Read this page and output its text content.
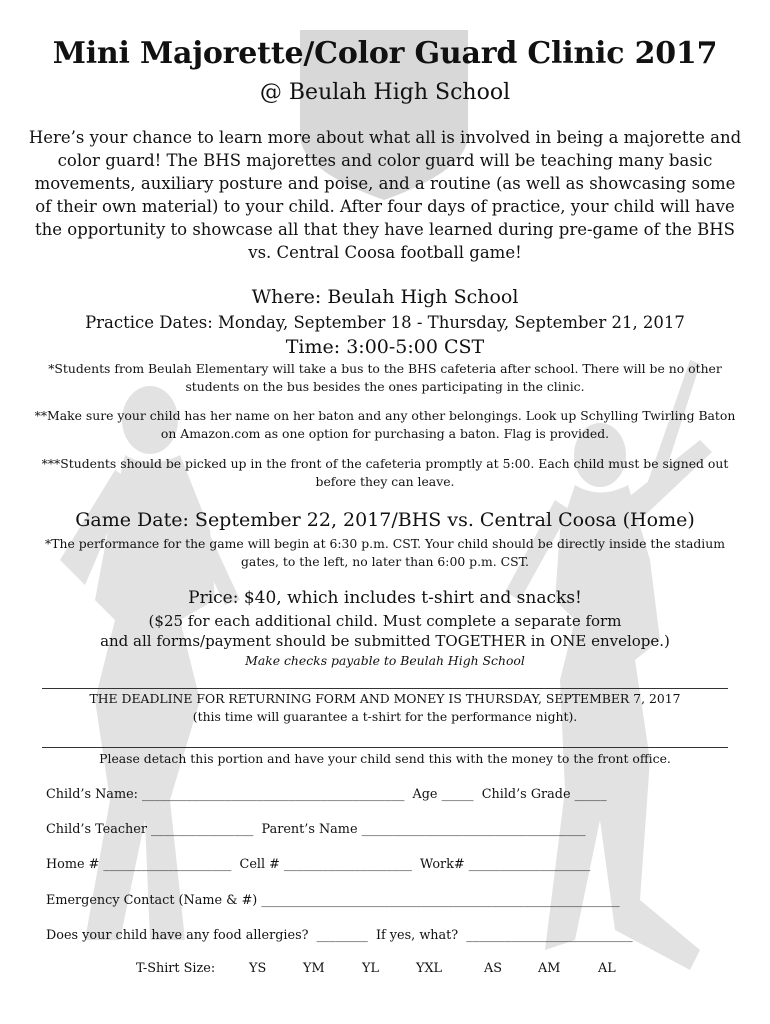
Mini Majorette/Color Guard Clinic 2017
@ Beulah High School
Here’s your chance to learn more about what all is involved in being a majorette and color guard! The BHS majorettes and color guard will be teaching many basic movements, auxiliary posture and poise, and a routine (as well as showcasing some of their own material) to your child. After four days of practice, your child will have the opportunity to showcase all that they have learned during pre-game of the BHS vs. Central Coosa football game!
Where: Beulah High School
Practice Dates: Monday, September 18 - Thursday, September 21, 2017
Time: 3:00-5:00 CST
*Students from Beulah Elementary will take a bus to the BHS cafeteria after school. There will be no other students on the bus besides the ones participating in the clinic.
**Make sure your child has her name on her baton and any other belongings. Look up Schylling Twirling Baton on Amazon.com as one option for purchasing a baton. Flag is provided.
***Students should be picked up in the front of the cafeteria promptly at 5:00. Each child must be signed out before they can leave.
Game Date: September 22, 2017/BHS vs. Central Coosa (Home)
*The performance for the game will begin at 6:30 p.m. CST. Your child should be directly inside the stadium gates, to the left, no later than 6:00 p.m. CST.
Price: $40, which includes t-shirt and snacks!
($25 for each additional child. Must complete a separate form
and all forms/payment should be submitted TOGETHER in ONE envelope.)
Make checks payable to Beulah High School
THE DEADLINE FOR RETURNING FORM AND MONEY IS THURSDAY, SEPTEMBER 7, 2017
(this time will guarantee a t-shirt for the performance night).
Please detach this portion and have your child send this with the money to the front office.
Child’s Name: _________________________________________  Age _____  Child’s Grade _____
Child’s Teacher ________________  Parent’s Name ___________________________________
Home # ____________________  Cell # ____________________  Work# ___________________
Emergency Contact (Name & #) ________________________________________________________
Does your child have any food allergies?  ________  If yes, what?  __________________________
T-Shirt Size:	YS	YM	YL	YXL	AS	AM	AL
